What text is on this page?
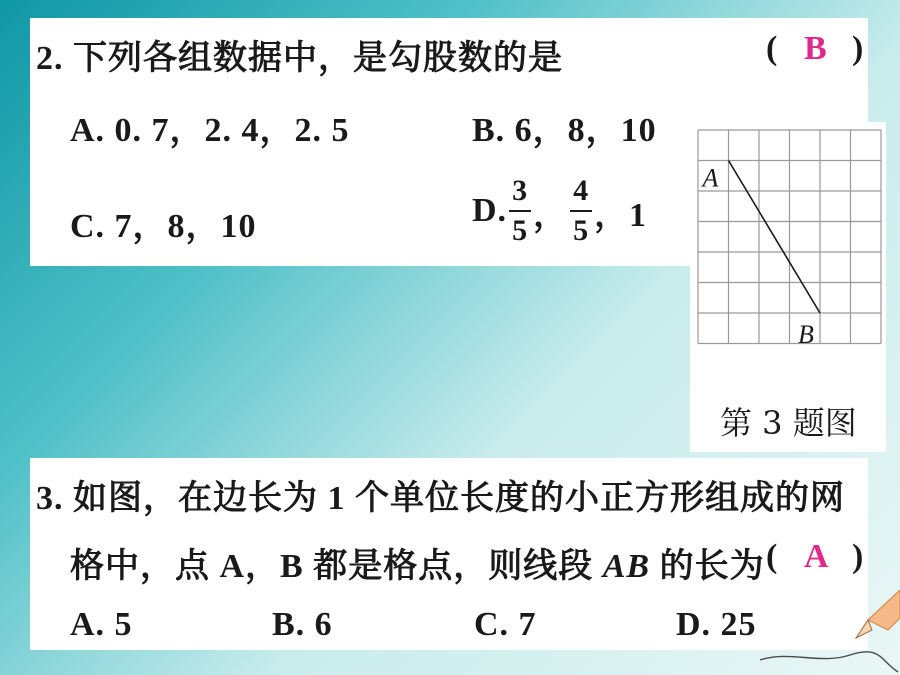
2. 下列各组数据中，是勾股数的是	( B )
A. 0. 7，2. 4，2. 5	B. 6，8，10
C. 7，8，10	D. $\frac{3}{5}$ ， $\frac{4}{5}$ ，1
A
B
第 3 题图
3. 如图，在边长为 1 个单位长度的小正方形组成的网
格中，点 A，B 都是格点，则线段 AB 的长为 ( A )
A. 5	B. 6	C. 7	D. 25
